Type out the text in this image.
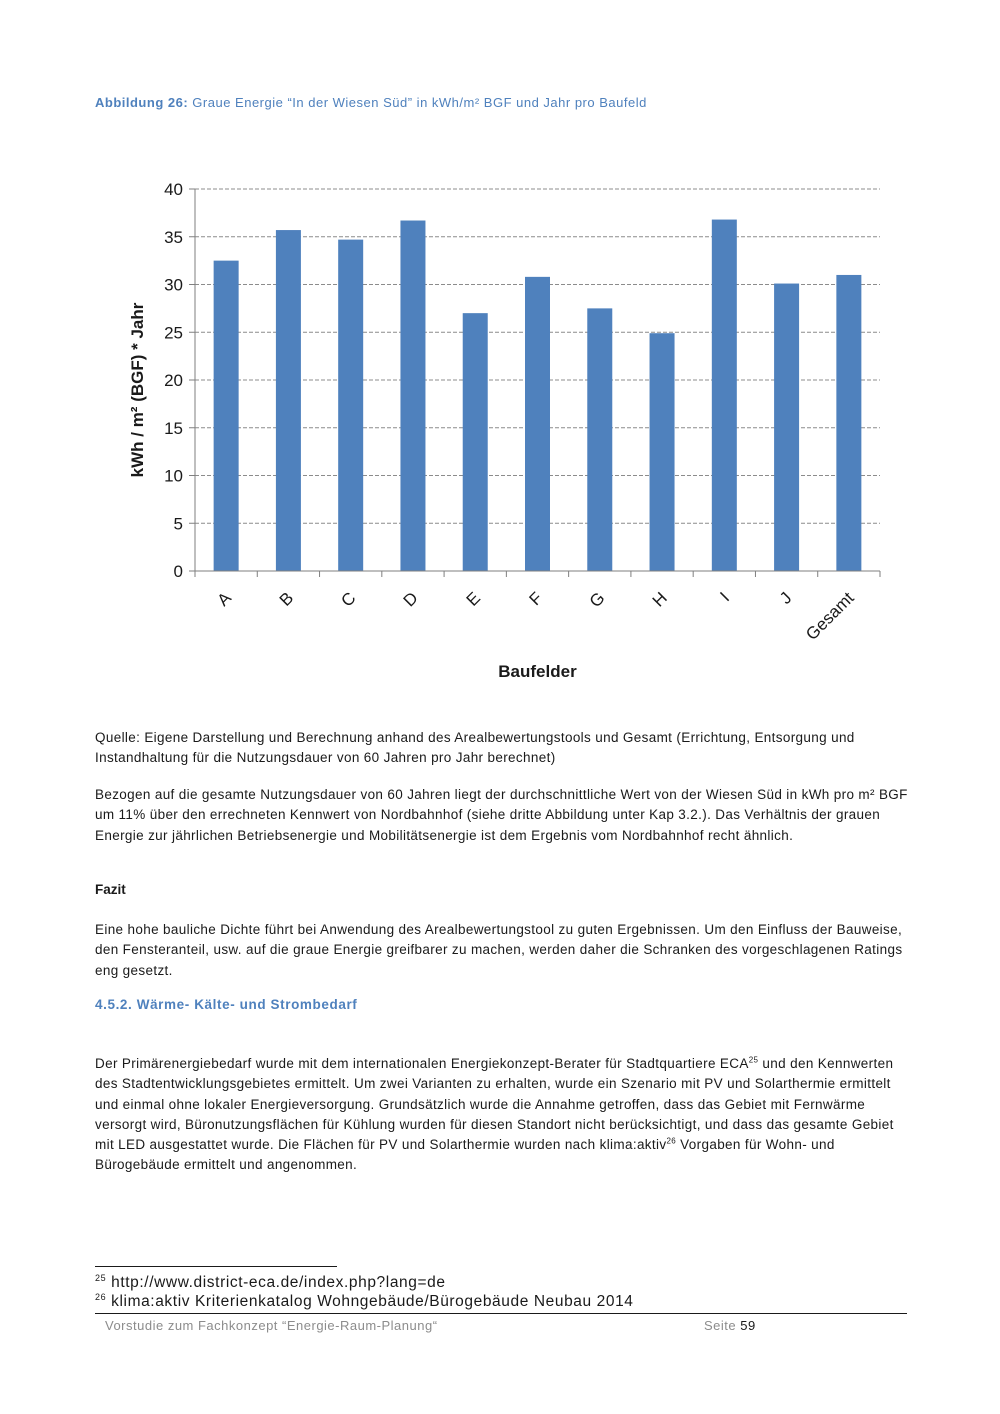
Abbildung 26: Graue Energie “In der Wiesen Süd” in kWh/m² BGF und Jahr pro Baufeld
0
5
10
15
20
25
30
35
40
A B C D E F G H	I	J Gesamt
Baufelder
kWh / m² (BGF) * Jahr

Quelle: Eigene Darstellung und Berechnung anhand des Arealbewertungstools und Gesamt (Errichtung, Entsorgung und Instandhaltung für die Nutzungsdauer von 60 Jahren pro Jahr berechnet)

Bezogen auf die gesamte Nutzungsdauer von 60 Jahren liegt der durchschnittliche Wert von der Wiesen Süd in kWh pro m² BGF um 11% über den errechneten Kennwert von Nordbahnhof (siehe dritte Abbildung unter Kap 3.2.). Das Verhältnis der grauen Energie zur jährlichen Betriebsenergie und Mobilitätsenergie ist dem Ergebnis vom Nordbahnhof recht ähnlich.

Fazit

Eine hohe bauliche Dichte führt bei Anwendung des Arealbewertungstool zu guten Ergebnissen. Um den Einfluss der Bauweise, den Fensteranteil, usw. auf die graue Energie greifbarer zu machen, werden daher die Schranken des vorgeschlagenen Ratings eng gesetzt.

4.5.2. Wärme- Kälte- und Strombedarf

Der Primärenergiebedarf wurde mit dem internationalen Energiekonzept-Berater für Stadtquartiere ECA$^{25}$ und den Kennwerten des Stadtentwicklungsgebietes ermittelt. Um zwei Varianten zu erhalten, wurde ein Szenario mit PV und Solarthermie ermittelt und einmal ohne lokaler Energieversorgung. Grundsätzlich wurde die Annahme getroffen, dass das Gebiet mit Fernwärme versorgt wird, Büronutzungsflächen für Kühlung wurden für diesen Standort nicht berücksichtigt, und dass das gesamte Gebiet mit LED ausgestattet wurde. Die Flächen für PV und Solarthermie wurden nach klima:aktiv$^{26}$ Vorgaben für Wohn- und Bürogebäude ermittelt und angenommen.

$^{25}$ http://www.district-eca.de/index.php?lang=de
$^{26}$ klima:aktiv Kriterienkatalog Wohngebäude/Bürogebäude Neubau 2014
Vorstudie zum Fachkonzept “Energie-Raum-Planung“	Seite 59
